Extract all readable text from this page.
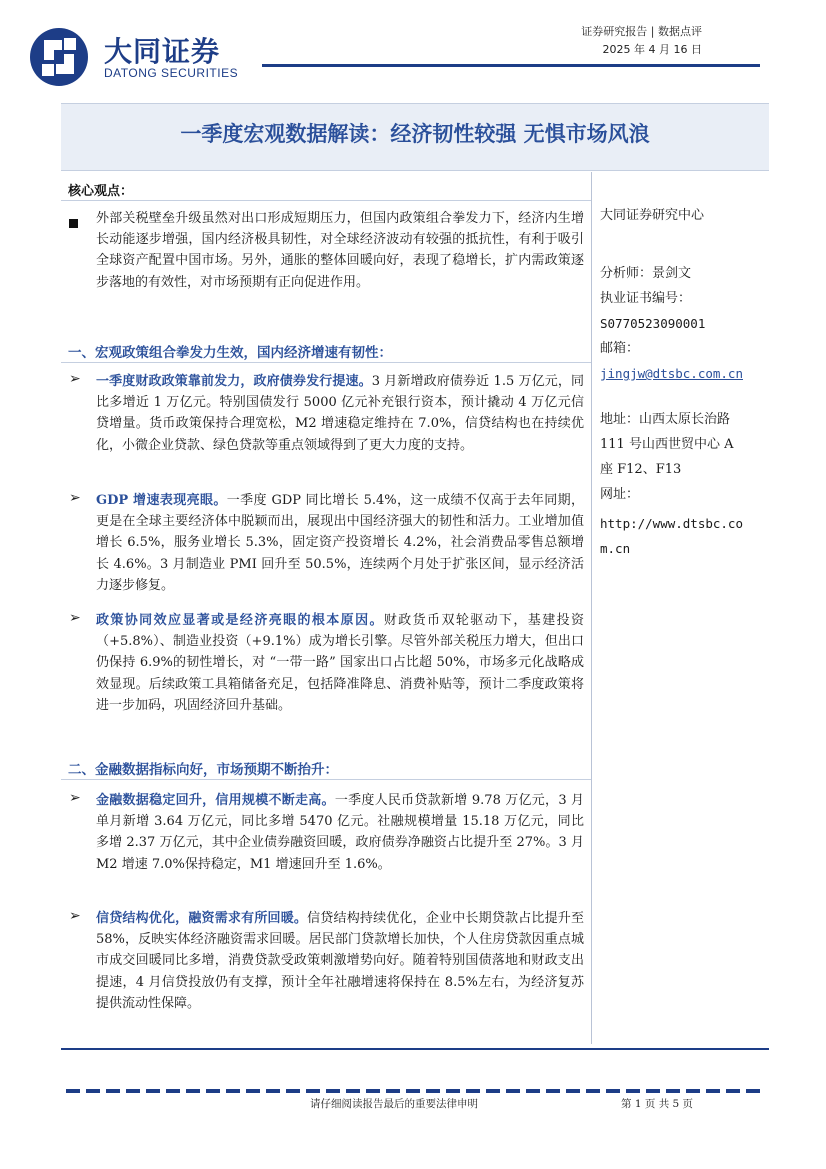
大同证券
DATONG SECURITIES
证券研究报告 | 数据点评
2025 年 4 月 16 日
一季度宏观数据解读：经济韧性较强 无惧市场风浪
核心观点：
外部关税壁垒升级虽然对出口形成短期压力，但国内政策组合拳发力下，经济内生增长动能逐步增强，国内经济极具韧性，对全球经济波动有较强的抵抗性，有利于吸引全球资产配置中国市场。另外，通胀的整体回暖向好，表现了稳增长，扩内需政策逐步落地的有效性，对市场预期有正向促进作用。
一、宏观政策组合拳发力生效，国内经济增速有韧性：
➢ 一季度财政政策靠前发力，政府债券发行提速。3 月新增政府债券近 1.5 万亿元，同比多增近 1 万亿元。特别国债发行 5000 亿元补充银行资本，预计撬动 4 万亿元信贷增量。货币政策保持合理宽松，M2 增速稳定维持在 7.0%，信贷结构也在持续优化，小微企业贷款、绿色贷款等重点领域得到了更大力度的支持。
➢ GDP 增速表现亮眼。一季度 GDP 同比增长 5.4%，这一成绩不仅高于去年同期，更是在全球主要经济体中脱颖而出，展现出中国经济强大的韧性和活力。工业增加值增长 6.5%，服务业增长 5.3%，固定资产投资增长 4.2%，社会消费品零售总额增长 4.6%。3 月制造业 PMI 回升至 50.5%，连续两个月处于扩张区间，显示经济活力逐步修复。
➢ 政策协同效应显著或是经济亮眼的根本原因。财政货币双轮驱动下，基建投资（+5.8%）、制造业投资（+9.1%）成为增长引擎。尽管外部关税压力增大，但出口仍保持 6.9%的韧性增长，对 “一带一路” 国家出口占比超 50%，市场多元化战略成效显现。后续政策工具箱储备充足，包括降准降息、消费补贴等，预计二季度政策将进一步加码，巩固经济回升基础。
二、金融数据指标向好，市场预期不断抬升：
➢ 金融数据稳定回升，信用规模不断走高。一季度人民币贷款新增 9.78 万亿元，3 月单月新增 3.64 万亿元，同比多增 5470 亿元。社融规模增量 15.18 万亿元，同比多增 2.37 万亿元，其中企业债券融资回暖，政府债券净融资占比提升至 27%。3 月 M2 增速 7.0%保持稳定，M1 增速回升至 1.6%。
➢ 信贷结构优化，融资需求有所回暖。信贷结构持续优化，企业中长期贷款占比提升至 58%，反映实体经济融资需求回暖。居民部门贷款增长加快，个人住房贷款因重点城市成交回暖同比多增，消费贷款受政策刺激增势向好。随着特别国债落地和财政支出提速，4 月信贷投放仍有支撑，预计全年社融增速将保持在 8.5%左右，为经济复苏提供流动性保障。
大同证券研究中心
分析师：景剑文
执业证书编号：
S0770523090001
邮箱：
jingjw@dtsbc.com.cn
地址：山西太原长治路
111 号山西世贸中心 A
座 F12、F13
网址：
http://www.dtsbc.co
m.cn
请仔细阅读报告最后的重要法律申明	第 1 页 共 5 页
